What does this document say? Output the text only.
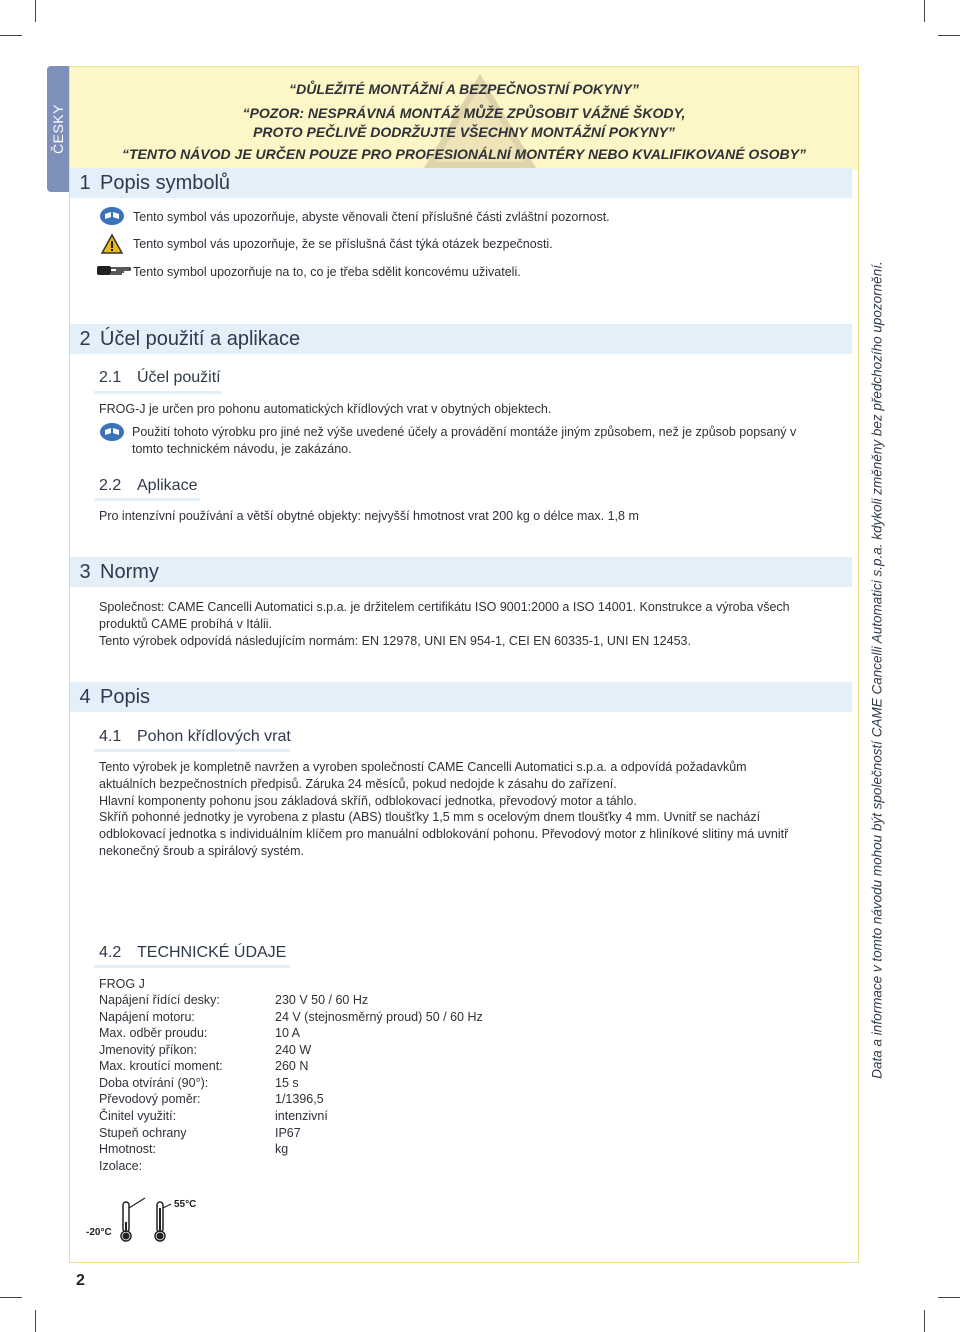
ČESKY
“DŮLEŽITÉ MONTÁŽNÍ A BEZPEČNOSTNÍ POKYNY”
“POZOR: NESPRÁVNÁ MONTÁŽ MŮŽE ZPŮSOBIT VÁŽNÉ ŠKODY,
PROTO PEČLIVĚ DODRŽUJTE VŠECHNY MONTÁŽNÍ POKYNY”
“TENTO NÁVOD JE URČEN POUZE PRO PROFESIONÁLNÍ MONTÉRY NEBO KVALIFIKOVANÉ OSOBY”
1 Popis symbolů
Tento symbol vás upozorňuje, abyste věnovali čtení příslušné části zvláštní pozornost.
Tento symbol vás upozorňuje, že se příslušná část týká otázek bezpečnosti.
Tento symbol upozorňuje na to, co je třeba sdělit koncovému uživateli.
2 Účel použití a aplikace
2.1 Účel použití
FROG-J je určen pro pohonu automatických křídlových vrat v obytných objektech.
Použití tohoto výrobku pro jiné než výše uvedené účely a provádění montáže jiným způsobem, než je způsob popsaný v
tomto technickém návodu, je zakázáno.
2.2 Aplikace
Pro intenzívní používání a větší obytné objekty: nejvyšší hmotnost vrat 200 kg o délce max. 1,8 m
3 Normy
Společnost: CAME Cancelli Automatici s.p.a. je držitelem certifikátu ISO 9001:2000 a ISO 14001. Konstrukce a výroba všech
produktů CAME probíhá v Itálii.
Tento výrobek odpovídá následujícím normám: EN 12978, UNI EN 954-1, CEI EN 60335-1, UNI EN 12453.
4 Popis
4.1 Pohon křídlových vrat
Tento výrobek je kompletně navržen a vyroben společností CAME Cancelli Automatici s.p.a. a odpovídá požadavkům
aktuálních bezpečnostních předpisů. Záruka 24 měsíců, pokud nedojde k zásahu do zařízení.
Hlavní komponenty pohonu jsou základová skříň, odblokovací jednotka, převodový motor a táhlo.
Skříň pohonné jednotky je vyrobena z plastu (ABS) tloušťky 1,5 mm s ocelovým dnem tloušťky 4 mm. Uvnitř se nachází
odblokovací jednotka s individuálním klíčem pro manuální odblokování pohonu. Převodový motor z hliníkové slitiny má uvnitř
nekonečný šroub a spirálový systém.
4.2 TECHNICKÉ ÚDAJE
FROG J
Napájení řídící desky:	230 V 50 / 60 Hz
Napájení motoru:	24 V (stejnosměrný proud) 50 / 60 Hz
Max. odběr proudu:	10 A
Jmenovitý příkon:	240 W
Max. kroutící moment:	260 N
Doba otvírání (90°):	15 s
Převodový poměr:	1/1396,5
Činitel využití:	intenzivní
Stupeň ochrany	IP67
Hmotnost:	kg
Izolace:
-20°C
55°C
Data a informace v tomto návodu mohou být společností CAME Cancelli Automatici s.p.a. kdykoli změněny bez předchozího upozornění.
2
